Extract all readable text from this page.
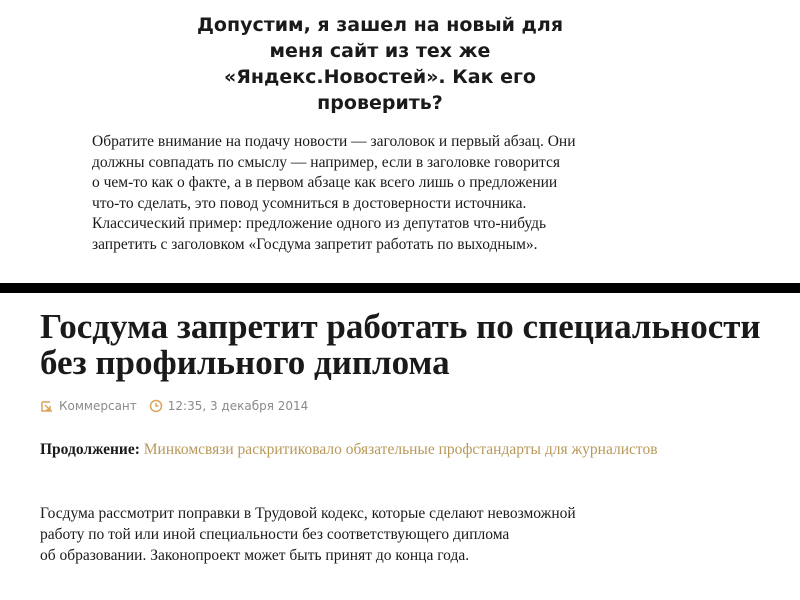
Допустим, я зашел на новый для меня сайт из тех же «Яндекс.Новостей». Как его проверить?
Обратите внимание на подачу новости — заголовок и первый абзац. Они
должны совпадать по смыслу — например, если в заголовке говорится
о чем-то как о факте, а в первом абзаце как всего лишь о предложении
что-то сделать, это повод усомниться в достоверности источника.
Классический пример: предложение одного из депутатов что-нибудь
запретить с заголовком «Госдума запретит работать по выходным».
Госдума запретит работать по специальности
без профильного диплома
Коммерсант	12:35, 3 декабря 2014
Продолжение: Минкомсвязи раскритиковало обязательные профстандарты для журналистов
Госдума рассмотрит поправки в Трудовой кодекс, которые сделают невозможной
работу по той или иной специальности без соответствующего диплома
об образовании. Законопроект может быть принят до конца года.
